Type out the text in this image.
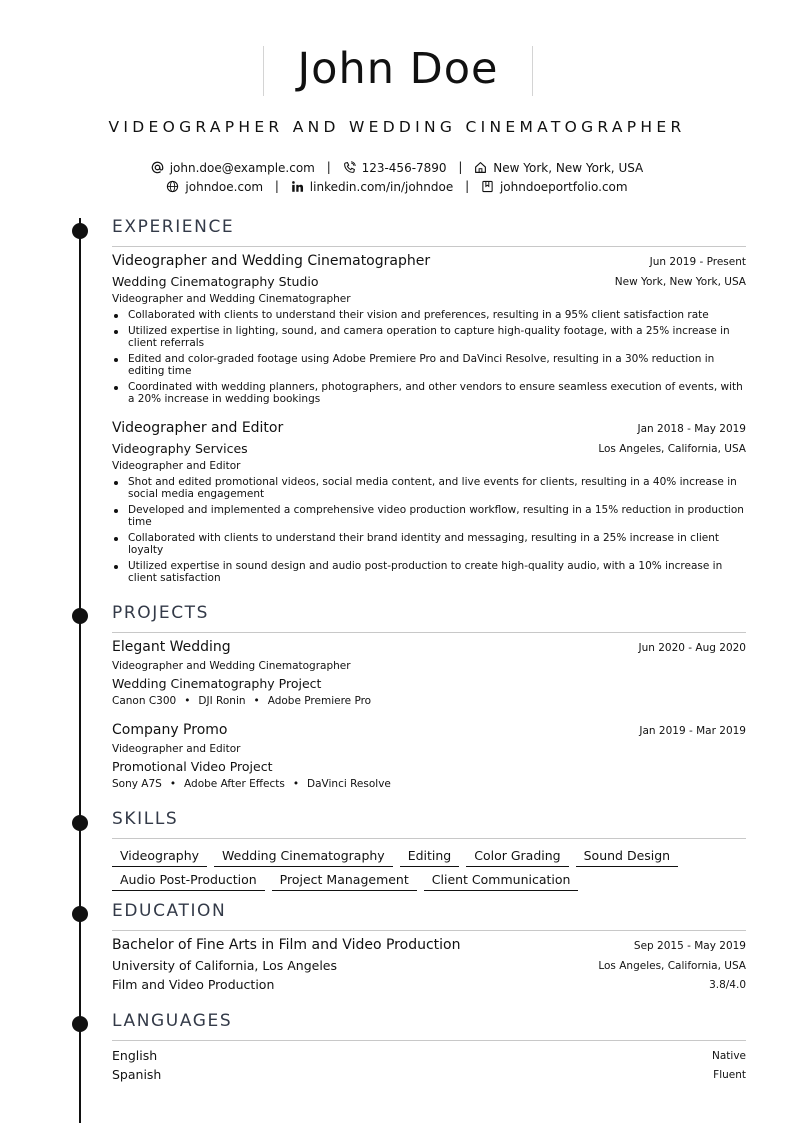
John Doe
VIDEOGRAPHER AND WEDDING CINEMATOGRAPHER
john.doe@example.com |	123-456-7890 |	New York, New York, USA
johndoe.com |	linkedin.com/in/johndoe |	johndoeportfolio.com
EXPERIENCE
Videographer and Wedding Cinematographer	Jun 2019 - Present
Wedding Cinematography Studio	New York, New York, USA
Videographer and Wedding Cinematographer
Collaborated with clients to understand their vision and preferences, resulting in a 95% client satisfaction rate
Utilized expertise in lighting, sound, and camera operation to capture high-quality footage, with a 25% increase in client referrals
Edited and color-graded footage using Adobe Premiere Pro and DaVinci Resolve, resulting in a 30% reduction in editing time
Coordinated with wedding planners, photographers, and other vendors to ensure seamless execution of events, with a 20% increase in wedding bookings
Videographer and Editor	Jan 2018 - May 2019
Videography Services	Los Angeles, California, USA
Videographer and Editor
Shot and edited promotional videos, social media content, and live events for clients, resulting in a 40% increase in social media engagement
Developed and implemented a comprehensive video production workflow, resulting in a 15% reduction in production time
Collaborated with clients to understand their brand identity and messaging, resulting in a 25% increase in client loyalty
Utilized expertise in sound design and audio post-production to create high-quality audio, with a 10% increase in client satisfaction
PROJECTS
Elegant Wedding	Jun 2020 - Aug 2020
Videographer and Wedding Cinematographer
Wedding Cinematography Project
Canon C300 • DJI Ronin • Adobe Premiere Pro
Company Promo	Jan 2019 - Mar 2019
Videographer and Editor
Promotional Video Project
Sony A7S • Adobe After Effects • DaVinci Resolve
SKILLS
Videography Wedding Cinematography Editing Color Grading Sound DesignAudio Post-Production Project Management Client Communication
EDUCATION
Bachelor of Fine Arts in Film and Video Production	Sep 2015 - May 2019
University of California, Los Angeles	Los Angeles, California, USA
Film and Video Production	3.8/4.0
LANGUAGES
English	Native
Spanish	Fluent
